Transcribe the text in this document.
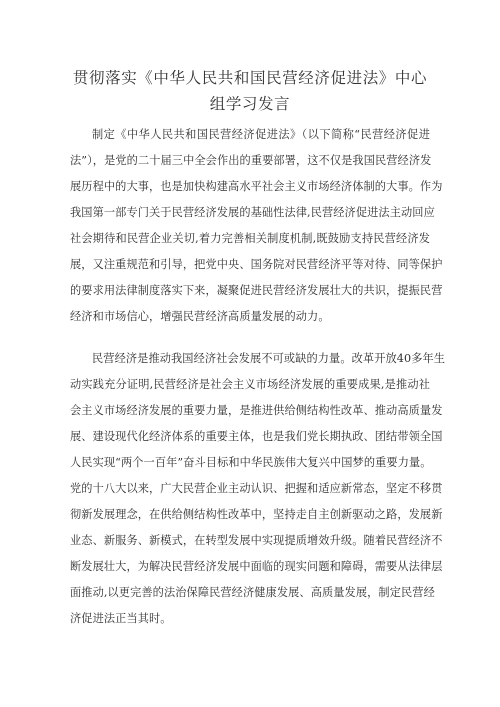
贯彻落实《中华人民共和国民营经济促进法》中心
组学习发言
制定《中华人民共和国民营经济促进法》（以下简称“民营经济促进
法”），是党的二十届三中全会作出的重要部署，这不仅是我国民营经济发
展历程中的大事，也是加快构建高水平社会主义市场经济体制的大事。作为
我国第一部专门关于民营经济发展的基础性法律,民营经济促进法主动回应
社会期待和民营企业关切,着力完善相关制度机制,既鼓励支持民营经济发
展，又注重规范和引导，把党中央、国务院对民营经济平等对待、同等保护
的要求用法律制度落实下来，凝聚促进民营经济发展壮大的共识，提振民营
经济和市场信心，增强民营经济高质量发展的动力。
民营经济是推动我国经济社会发展不可或缺的力量。改革开放40多年生
动实践充分证明,民营经济是社会主义市场经济发展的重要成果,是推动社
会主义市场经济发展的重要力量，是推进供给侧结构性改革、推动高质量发
展、建设现代化经济体系的重要主体，也是我们党长期执政、团结带领全国
人民实现“两个一百年”奋斗目标和中华民族伟大复兴中国梦的重要力量。
党的十八大以来，广大民营企业主动认识、把握和适应新常态，坚定不移贯
彻新发展理念，在供给侧结构性改革中，坚持走自主创新驱动之路，发展新
业态、新服务、新模式，在转型发展中实现提质增效升级。随着民营经济不
断发展壮大，为解决民营经济发展中面临的现实问题和障碍，需要从法律层
面推动,以更完善的法治保障民营经济健康发展、高质量发展，制定民营经
济促进法正当其时。
